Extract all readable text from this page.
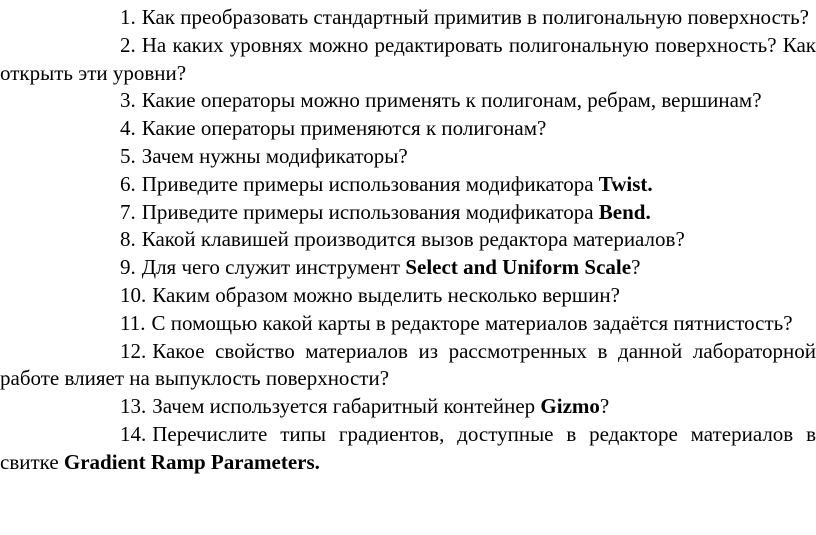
1. Как преобразовать стандартный примитив в полигональную поверхность?

2. На каких уровнях можно редактировать полигональную поверхность? Как открыть эти уровни?

3. Какие операторы можно применять к полигонам, ребрам, вершинам?

4. Какие операторы применяются к полигонам?

5. Зачем нужны модификаторы?

6. Приведите примеры использования модификатора Twist.

7. Приведите примеры использования модификатора Bend.

8. Какой клавишей производится вызов редактора материалов?

9. Для чего служит инструмент Select and Uniform Scale?

10. Каким образом можно выделить несколько вершин?

11. С помощью какой карты в редакторе материалов задаётся пятнистость?

12. Какое свойство материалов из рассмотренных в данной лабораторной работе влияет на выпуклость поверхности?

13. Зачем используется габаритный контейнер Gizmo?

14. Перечислите типы градиентов, доступные в редакторе материалов в свитке Gradient Ramp Parameters.
